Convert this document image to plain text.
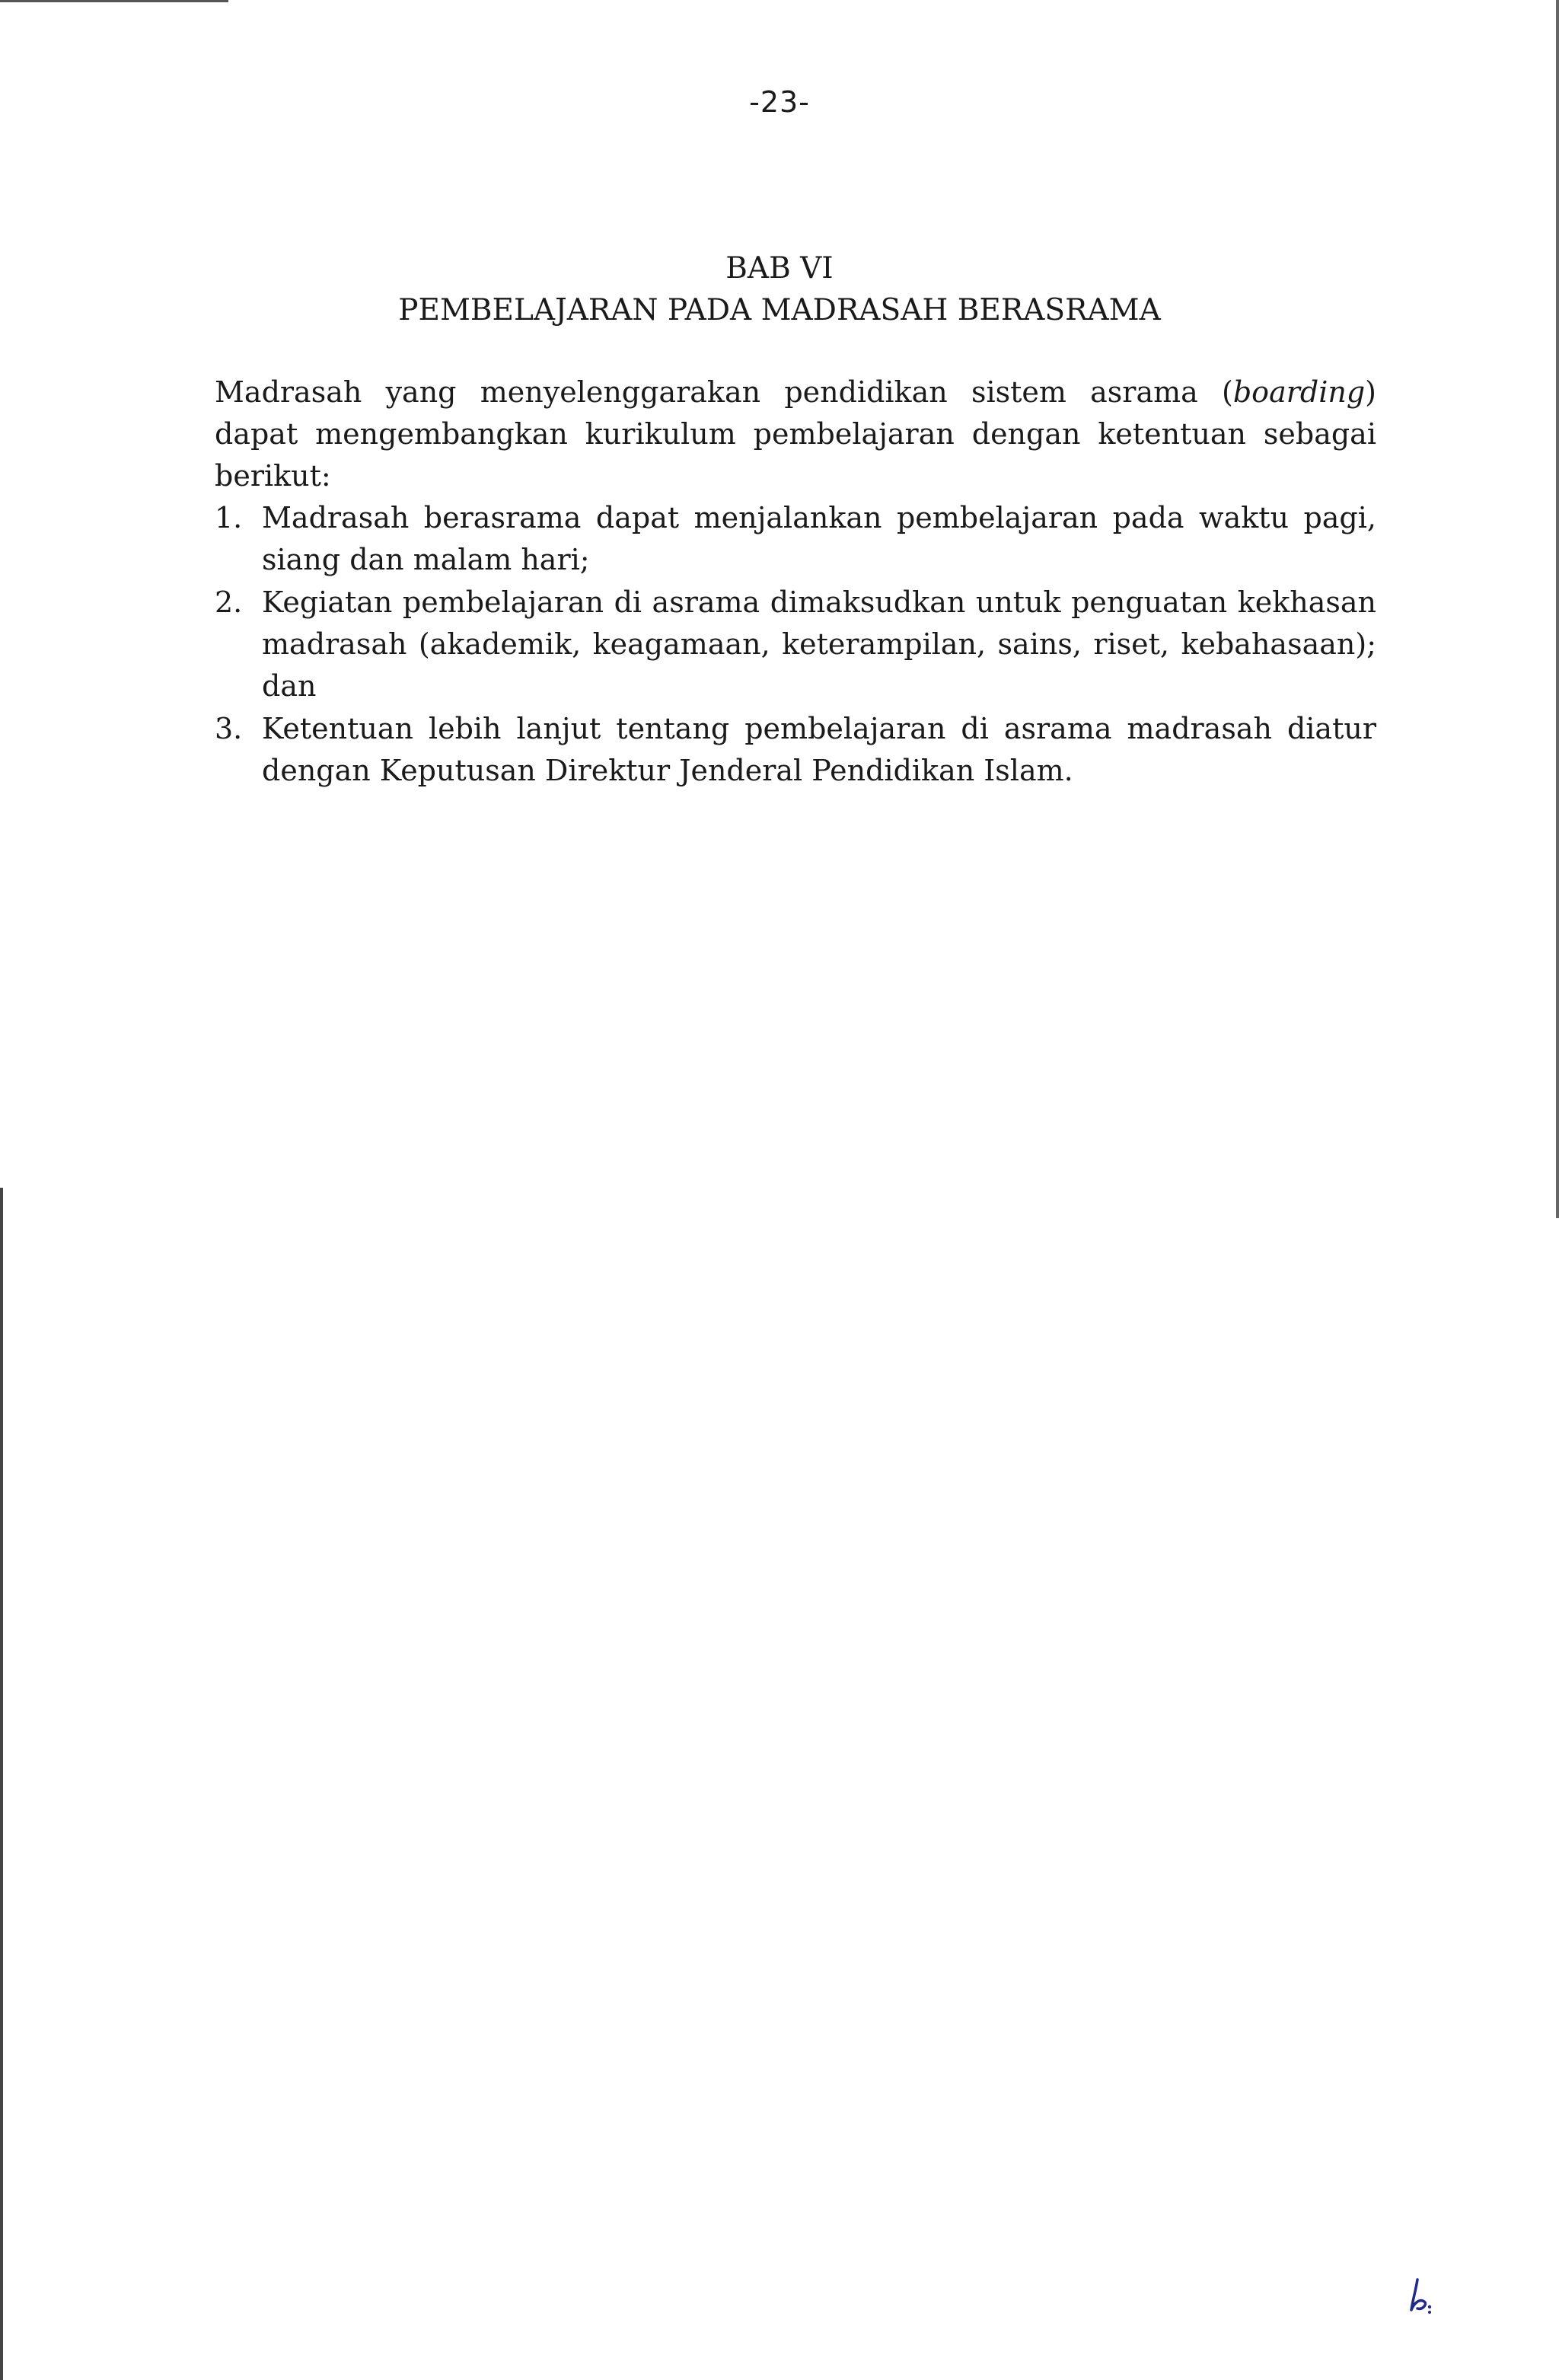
-23-
BAB VI
PEMBELAJARAN PADA MADRASAH BERASRAMA

Madrasah yang menyelenggarakan pendidikan sistem asrama (boarding) dapat mengembangkan kurikulum pembelajaran dengan ketentuan sebagai berikut:

1. Madrasah berasrama dapat menjalankan pembelajaran pada waktu pagi, siang dan malam hari;
2. Kegiatan pembelajaran di asrama dimaksudkan untuk penguatan kekhasan madrasah (akademik, keagamaan, keterampilan, sains, riset, kebahasaan); dan
3. Ketentuan lebih lanjut tentang pembelajaran di asrama madrasah diatur dengan Keputusan Direktur Jenderal Pendidikan Islam.
